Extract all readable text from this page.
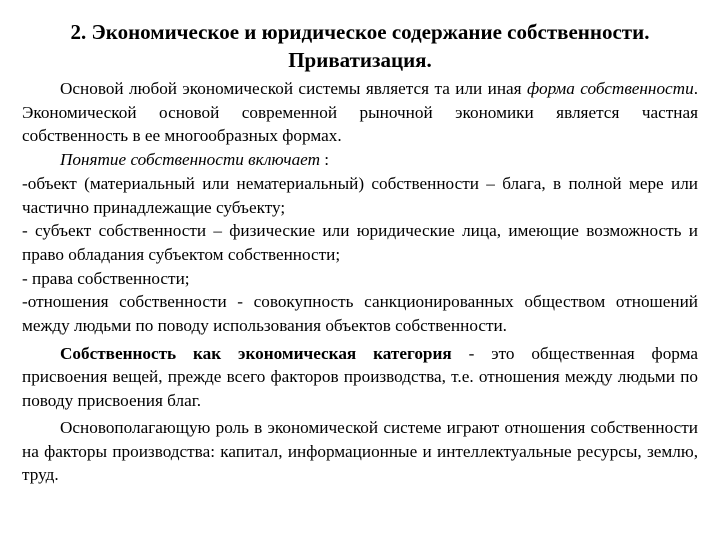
2. Экономическое и юридическое содержание собственности.
Приватизация.

Основой любой экономической системы является та или иная форма собственности. Экономической основой современной рыночной экономики является частная собственность в ее многообразных формах.

Понятие собственности включает :

-объект (материальный или нематериальный) собственности – блага, в полной мере или частично принадлежащие субъекту;

- субъект собственности – физические или юридические лица, имеющие возможность и право обладания субъектом собственности;

- права собственности;

-отношения собственности - совокупность санкционированных обществом отношений между людьми по поводу использования объектов собственности.

Собственность как экономическая категория - это общественная форма присвоения вещей, прежде всего факторов производства, т.е. отношения между людьми по поводу присвоения благ.

Основополагающую роль в экономической системе играют отношения собственности на факторы производства: капитал, информационные и интеллектуальные ресурсы, землю, труд.
